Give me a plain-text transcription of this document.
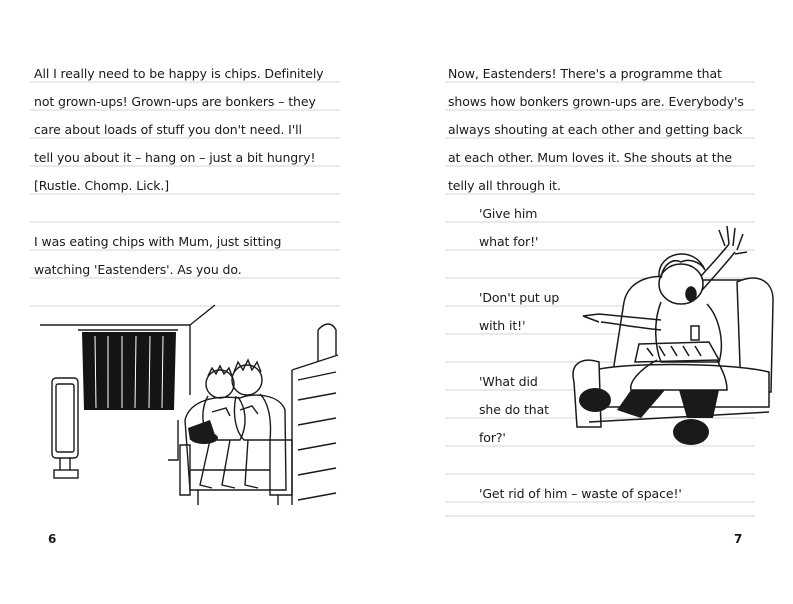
All I really need to be happy is chips. Definitely

not grown-ups! Grown-ups are bonkers – they

care about loads of stuff you don't need. I'll

tell you about it – hang on – just a bit hungry!

[Rustle. Chomp. Lick.]

I was eating chips with Mum, just sitting

watching 'Eastenders'. As you do.

6

Now, Eastenders! There's a programme that

shows how bonkers grown-ups are. Everybody's

always shouting at each other and getting back

at each other. Mum loves it. She shouts at the

telly all through it.

'Give him

what for!'

'Don't put up

with it!'

'What did

she do that

for?'

'Get rid of him – waste of space!'

7
